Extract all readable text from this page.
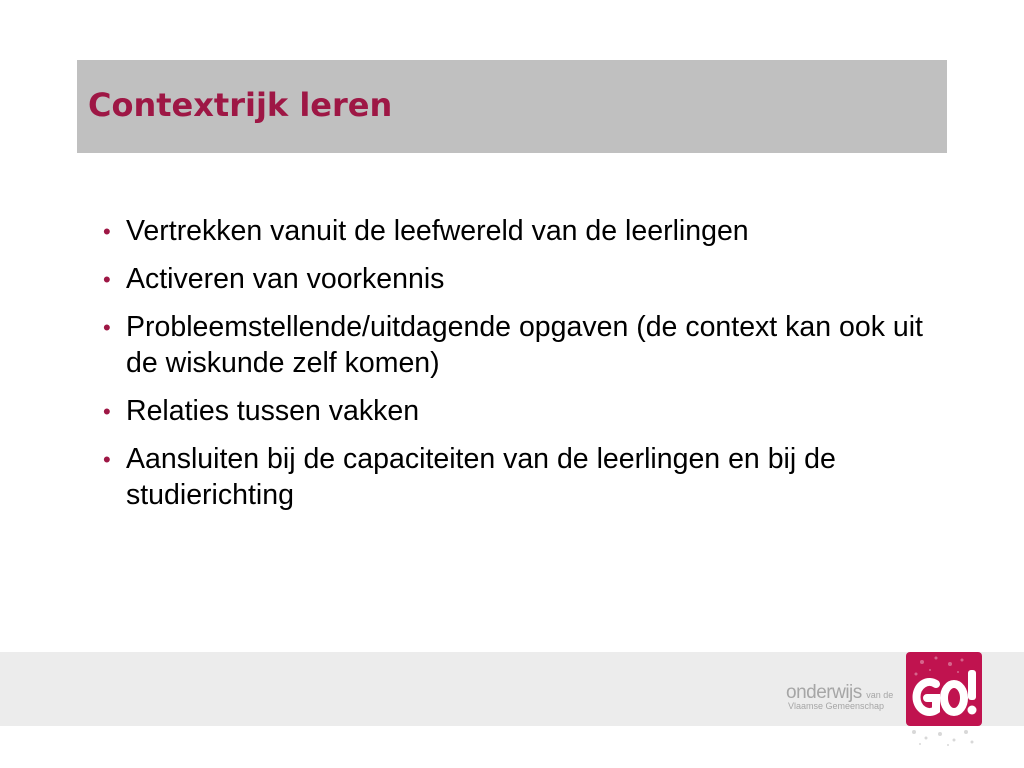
Contextrijk leren
• Vertrekken vanuit de leefwereld van de leerlingen
• Activeren van voorkennis
• Probleemstellende/uitdagende opgaven (de context kan ook uit de wiskunde zelf komen)
• Relaties tussen vakken
• Aansluiten bij de capaciteiten van de leerlingen en bij de studierichting
onderwijs van de
Vlaamse Gemeenschap
